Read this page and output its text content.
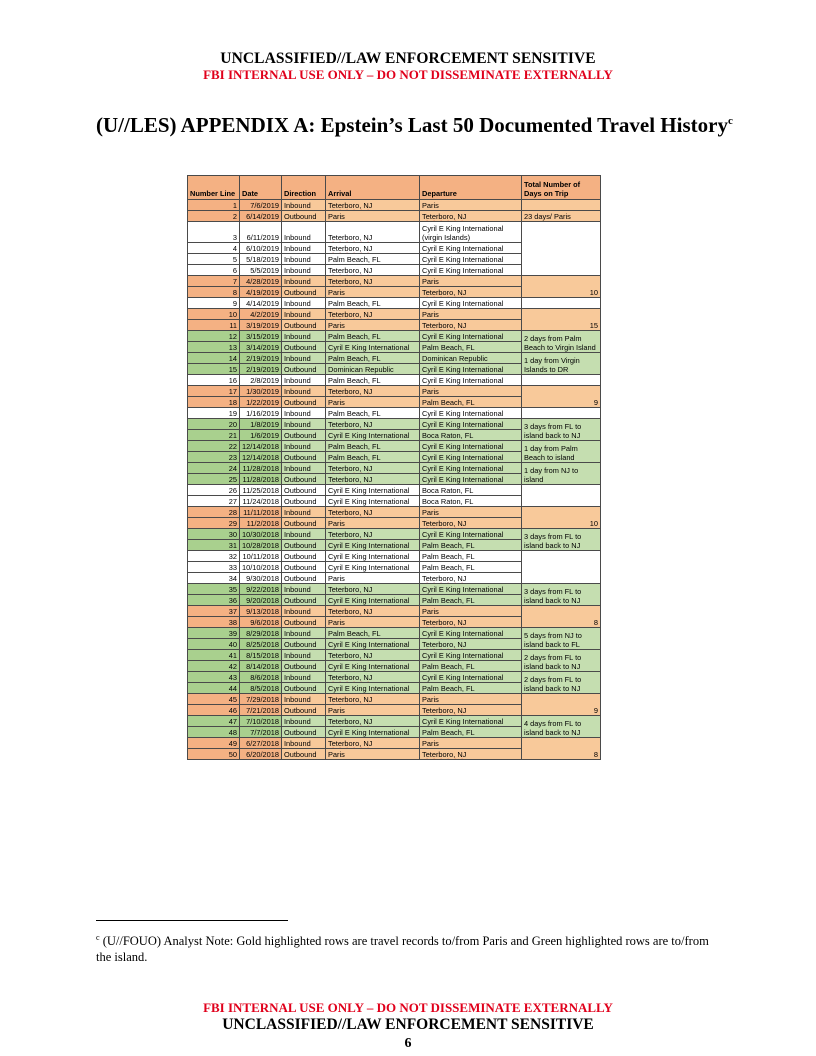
UNCLASSIFIED//LAW ENFORCEMENT SENSITIVE
FBI INTERNAL USE ONLY – DO NOT DISSEMINATE EXTERNALLY
(U//LES) APPENDIX A: Epstein’s Last 50 Documented Travel History$^c$
Number Line	Date	Direction	Arrival	Departure	Total Number of Days on Trip
1	7/6/2019	Inbound	Teterboro, NJ	Paris	
2	6/14/2019	Outbound	Paris	Teterboro, NJ	23 days/ Paris
3	6/11/2019	Inbound	Teterboro, NJ	Cyril E King International (virgin Islands)	
4	6/10/2019	Inbound	Teterboro, NJ	Cyril E King International	
5	5/18/2019	Inbound	Palm Beach, FL	Cyril E King International	
6	5/5/2019	Inbound	Teterboro, NJ	Cyril E King International	
7	4/28/2019	Inbound	Teterboro, NJ	Paris	10
8	4/19/2019	Outbound	Paris	Teterboro, NJ	
9	4/14/2019	Inbound	Palm Beach, FL	Cyril E King International	
10	4/2/2019	Inbound	Teterboro, NJ	Paris	15
11	3/19/2019	Outbound	Paris	Teterboro, NJ	
12	3/15/2019	Inbound	Palm Beach, FL	Cyril E King International	2 days from Palm Beach to Virgin Island
13	3/14/2019	Outbound	Cyril E King International	Palm Beach, FL	
14	2/19/2019	Inbound	Palm Beach, FL	Dominican Republic	1 day from Virgin Islands to DR
15	2/19/2019	Outbound	Dominican Republic	Cyril E King International	
16	2/8/2019	Inbound	Palm Beach, FL	Cyril E King International	
17	1/30/2019	Inbound	Teterboro, NJ	Paris	9
18	1/22/2019	Outbound	Paris	Palm Beach, FL	
19	1/16/2019	Inbound	Palm Beach, FL	Cyril E King International	
20	1/8/2019	Inbound	Teterboro, NJ	Cyril E King International	3 days from FL to island back to NJ
21	1/6/2019	Outbound	Cyril E King International	Boca Raton, FL	
22	12/14/2018	Inbound	Palm Beach, FL	Cyril E King International	1 day from Palm Beach to island
23	12/14/2018	Outbound	Palm Beach, FL	Cyril E King International	
24	11/28/2018	Inbound	Teterboro, NJ	Cyril E King International	1 day from NJ to island
25	11/28/2018	Outbound	Teterboro, NJ	Cyril E King International	
26	11/25/2018	Outbound	Cyril E King International	Boca Raton, FL	
27	11/24/2018	Outbound	Cyril E King International	Boca Raton, FL	
28	11/11/2018	Inbound	Teterboro, NJ	Paris	10
29	11/2/2018	Outbound	Paris	Teterboro, NJ	
30	10/30/2018	Inbound	Teterboro, NJ	Cyril E King International	3 days from FL to island back to NJ
31	10/28/2018	Outbound	Cyril E King International	Palm Beach, FL	
32	10/11/2018	Outbound	Cyril E King International	Palm Beach, FL	
33	10/10/2018	Outbound	Cyril E King International	Palm Beach, FL	
34	9/30/2018	Outbound	Paris	Teterboro, NJ	
35	9/22/2018	Inbound	Teterboro, NJ	Cyril E King International	3 days from FL to island back to NJ
36	9/20/2018	Outbound	Cyril E King International	Palm Beach, FL	
37	9/13/2018	Inbound	Teterboro, NJ	Paris	8
38	9/6/2018	Outbound	Paris	Teterboro, NJ	
39	8/29/2018	Inbound	Palm Beach, FL	Cyril E King International	5 days from NJ to island back to FL
40	8/25/2018	Outbound	Cyril E King International	Teterboro, NJ	
41	8/15/2018	Inbound	Teterboro, NJ	Cyril E King International	2 days from FL to island back to NJ
42	8/14/2018	Outbound	Cyril E King International	Palm Beach, FL	
43	8/6/2018	Inbound	Teterboro, NJ	Cyril E King International	2 days from FL to island back to NJ
44	8/5/2018	Outbound	Cyril E King International	Palm Beach, FL	
45	7/29/2018	Inbound	Teterboro, NJ	Paris	9
46	7/21/2018	Outbound	Paris	Teterboro, NJ	
47	7/10/2018	Inbound	Teterboro, NJ	Cyril E King International	4 days from FL to island back to NJ
48	7/7/2018	Outbound	Cyril E King International	Palm Beach, FL	
49	6/27/2018	Inbound	Teterboro, NJ	Paris	8
50	6/20/2018	Outbound	Paris	Teterboro, NJ	
$^c$ (U//FOUO) Analyst Note: Gold highlighted rows are travel records to/from Paris and Green highlighted rows are to/from the island.
FBI INTERNAL USE ONLY – DO NOT DISSEMINATE EXTERNALLY
UNCLASSIFIED//LAW ENFORCEMENT SENSITIVE
6
